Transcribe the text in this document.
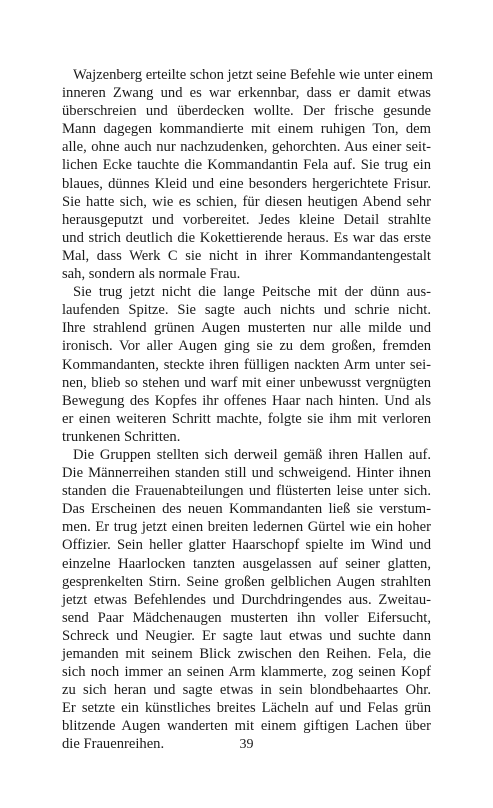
Wajzenberg erteilte schon jetzt seine Befehle wie unter einem
inneren Zwang und es war erkennbar, dass er damit etwas
überschreien und überdecken wollte. Der frische gesunde
Mann dagegen kommandierte mit einem ruhigen Ton, dem
alle, ohne auch nur nachzudenken, gehorchten. Aus einer seit-
lichen Ecke tauchte die Kommandantin Fela auf. Sie trug ein
blaues, dünnes Kleid und eine besonders hergerichtete Frisur.
Sie hatte sich, wie es schien, für diesen heutigen Abend sehr
herausgeputzt und vorbereitet. Jedes kleine Detail strahlte
und strich deutlich die Kokettierende heraus. Es war das erste
Mal, dass Werk C sie nicht in ihrer Kommandantengestalt
sah, sondern als normale Frau.
Sie trug jetzt nicht die lange Peitsche mit der dünn aus-
laufenden Spitze. Sie sagte auch nichts und schrie nicht.
Ihre strahlend grünen Augen musterten nur alle milde und
ironisch. Vor aller Augen ging sie zu dem großen, fremden
Kommandanten, steckte ihren fülligen nackten Arm unter sei-
nen, blieb so stehen und warf mit einer unbewusst vergnügten
Bewegung des Kopfes ihr offenes Haar nach hinten. Und als
er einen weiteren Schritt machte, folgte sie ihm mit verloren
trunkenen Schritten.
Die Gruppen stellten sich derweil gemäß ihren Hallen auf.
Die Männerreihen standen still und schweigend. Hinter ihnen
standen die Frauenabteilungen und flüsterten leise unter sich.
Das Erscheinen des neuen Kommandanten ließ sie verstum-
men. Er trug jetzt einen breiten ledernen Gürtel wie ein hoher
Offizier. Sein heller glatter Haarschopf spielte im Wind und
einzelne Haarlocken tanzten ausgelassen auf seiner glatten,
gesprenkelten Stirn. Seine großen gelblichen Augen strahlten
jetzt etwas Befehlendes und Durchdringendes aus. Zweitau-
send Paar Mädchenaugen musterten ihn voller Eifersucht,
Schreck und Neugier. Er sagte laut etwas und suchte dann
jemanden mit seinem Blick zwischen den Reihen. Fela, die
sich noch immer an seinen Arm klammerte, zog seinen Kopf
zu sich heran und sagte etwas in sein blondbehaartes Ohr.
Er setzte ein künstliches breites Lächeln auf und Felas grün
blitzende Augen wanderten mit einem giftigen Lachen über
die Frauenreihen.	39
